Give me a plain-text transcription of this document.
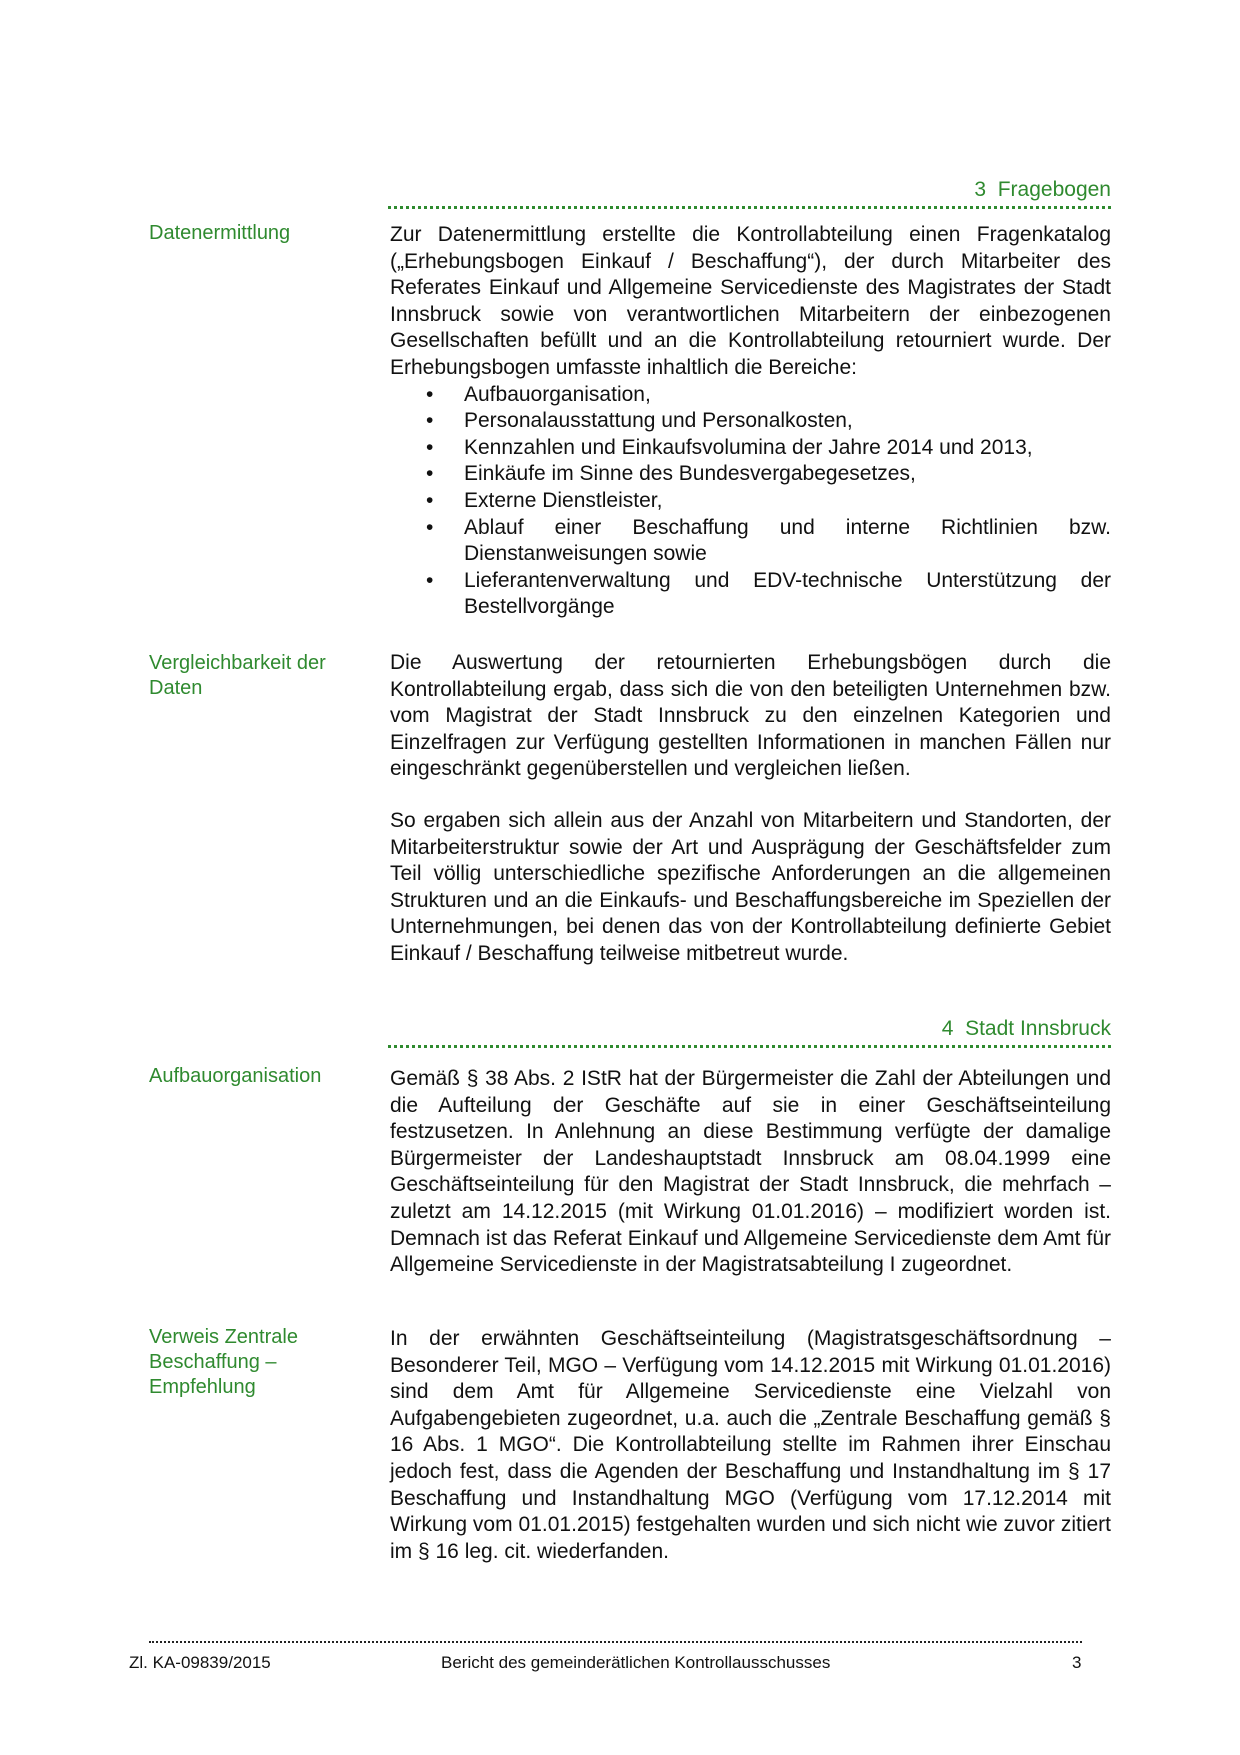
3 Fragebogen
Datenermittlung	Zur Datenermittlung erstellte die Kontrollabteilung einen Fragenkatalog („Erhebungsbogen Einkauf / Beschaffung“), der durch Mitarbeiter des Referates Einkauf und Allgemeine Servicedienste des Magistrates der Stadt Innsbruck sowie von verantwortlichen Mitarbeitern der einbezogenen Gesellschaften befüllt und an die Kontrollabteilung retourniert wurde. Der Erhebungsbogen umfasste inhaltlich die Bereiche:

• Aufbauorganisation,
• Personalausstattung und Personalkosten,
• Kennzahlen und Einkaufsvolumina der Jahre 2014 und 2013,
• Einkäufe im Sinne des Bundesvergabegesetzes,
• Externe Dienstleister,
• Ablauf einer Beschaffung und interne Richtlinien bzw. Dienstanweisungen sowie
• Lieferantenverwaltung und EDV-technische Unterstützung der Bestellvorgänge
Vergleichbarkeit der
Daten

Die Auswertung der retournierten Erhebungsbögen durch die Kontrollabteilung ergab, dass sich die von den beteiligten Unternehmen bzw. vom Magistrat der Stadt Innsbruck zu den einzelnen Kategorien und Einzelfragen zur Verfügung gestellten Informationen in manchen Fällen nur eingeschränkt gegenüberstellen und vergleichen ließen.

So ergaben sich allein aus der Anzahl von Mitarbeitern und Standorten, der Mitarbeiterstruktur sowie der Art und Ausprägung der Geschäftsfelder zum Teil völlig unterschiedliche spezifische Anforderungen an die allgemeinen Strukturen und an die Einkaufs- und Beschaffungsbereiche im Speziellen der Unternehmungen, bei denen das von der Kontrollabteilung definierte Gebiet Einkauf / Beschaffung teilweise mitbetreut wurde.

4 Stadt Innsbruck
Aufbauorganisation	Gemäß § 38 Abs. 2 IStR hat der Bürgermeister die Zahl der Abteilungen und die Aufteilung der Geschäfte auf sie in einer Geschäftseinteilung festzusetzen. In Anlehnung an diese Bestimmung verfügte der damalige Bürgermeister der Landeshauptstadt Innsbruck am 08.04.1999 eine Geschäftseinteilung für den Magistrat der Stadt Innsbruck, die mehrfach – zuletzt am 14.12.2015 (mit Wirkung 01.01.2016) – modifiziert worden ist. Demnach ist das Referat Einkauf und Allgemeine Servicedienste dem Amt für Allgemeine Servicedienste in der Magistratsabteilung I zugeordnet.

Verweis Zentrale
Beschaffung –
Empfehlung

In der erwähnten Geschäftseinteilung (Magistratsgeschäftsordnung – Besonderer Teil, MGO – Verfügung vom 14.12.2015 mit Wirkung 01.01.2016) sind dem Amt für Allgemeine Servicedienste eine Vielzahl von Aufgabengebieten zugeordnet, u.a. auch die „Zentrale Beschaffung gemäß § 16 Abs. 1 MGO“. Die Kontrollabteilung stellte im Rahmen ihrer Einschau jedoch fest, dass die Agenden der Beschaffung und Instandhaltung im § 17 Beschaffung und Instandhaltung MGO (Verfügung vom 17.12.2014 mit Wirkung vom 01.01.2015) festgehalten wurden und sich nicht wie zuvor zitiert im § 16 leg. cit. wiederfanden.

Zl. KA-09839/2015	Bericht des gemeinderätlichen Kontrollausschusses	3
